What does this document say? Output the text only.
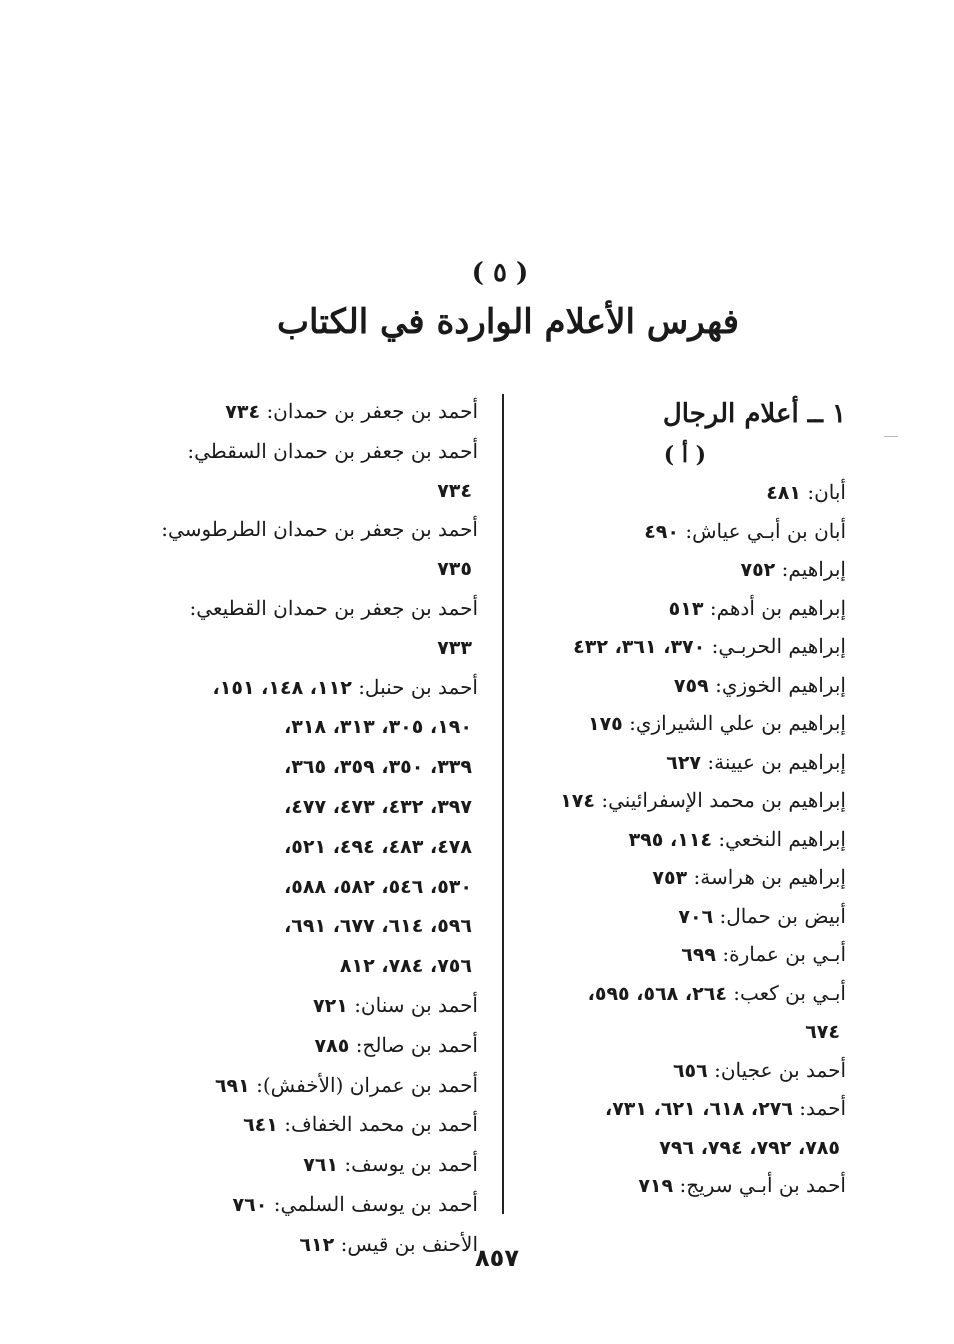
( ٥ )
فهرس الأعلام الواردة في الكتاب
١ ــ أعلام الرجال
( أ )
أبان: ٤٨١
أبان بن أبـي عياش: ٤٩٠
إبراهيم: ٧٥٢
إبراهيم بن أدهم: ٥١٣
إبراهيم الحربـي: ٣٧٠، ٣٦١، ٤٣٢
إبراهيم الخوزي: ٧٥٩
إبراهيم بن علي الشيرازي: ١٧٥
إبراهيم بن عيينة: ٦٢٧
إبراهيم بن محمد الإسفرائيني: ١٧٤
إبراهيم النخعي: ١١٤، ٣٩٥
إبراهيم بن هراسة: ٧٥٣
أبيض بن حمال: ٧٠٦
أبـي بن عمارة: ٦٩٩
أبـي بن كعب: ٢٦٤، ٥٦٨، ٥٩٥،
٦٧٤
أحمد بن عجيان: ٦٥٦
أحمد: ٢٧٦، ٦١٨، ٦٢١، ٧٣١،
٧٨٥، ٧٩٢، ٧٩٤، ٧٩٦
أحمد بن أبـي سريج: ٧١٩
أحمد بن جعفر بن حمدان: ٧٣٤
أحمد بن جعفر بن حمدان السقطي:
٧٣٤
أحمد بن جعفر بن حمدان الطرطوسي:
٧٣٥
أحمد بن جعفر بن حمدان القطيعي:
٧٣٣
أحمد بن حنبل: ١١٢، ١٤٨، ١٥١،
١٩٠، ٣٠٥، ٣١٣، ٣١٨،
٣٣٩، ٣٥٠، ٣٥٩، ٣٦٥،
٣٩٧، ٤٣٢، ٤٧٣، ٤٧٧،
٤٧٨، ٤٨٣، ٤٩٤، ٥٢١،
٥٣٠، ٥٤٦، ٥٨٢، ٥٨٨،
٥٩٦، ٦١٤، ٦٧٧، ٦٩١،
٧٥٦، ٧٨٤، ٨١٢
أحمد بن سنان: ٧٢١
أحمد بن صالح: ٧٨٥
أحمد بن عمران (الأخفش): ٦٩١
أحمد بن محمد الخفاف: ٦٤١
أحمد بن يوسف: ٧٦١
أحمد بن يوسف السلمي: ٧٦٠
الأحنف بن قيس: ٦١٢	٨٥٧
